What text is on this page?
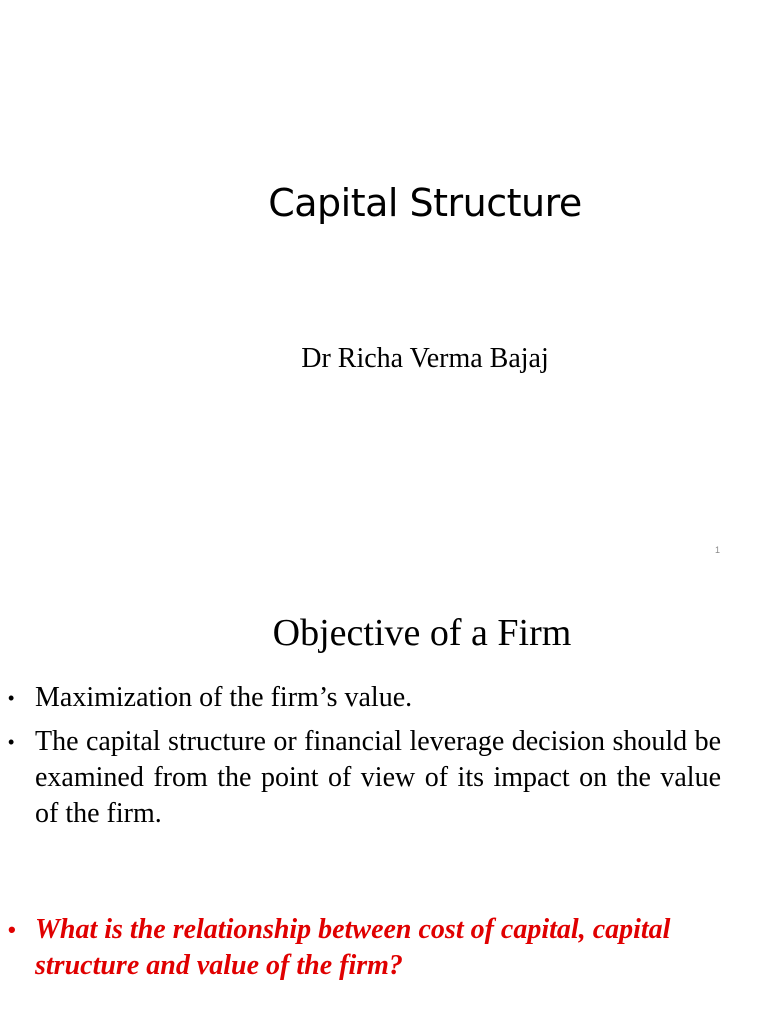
Capital Structure

Dr Richa Verma Bajaj

1
Objective of a Firm
• Maximization of the firm’s value.
• The capital structure or financial leverage decision should be examined from the point of view of its impact on the value of the firm.
• What is the relationship between cost of capital, capital structure and value of the firm?
